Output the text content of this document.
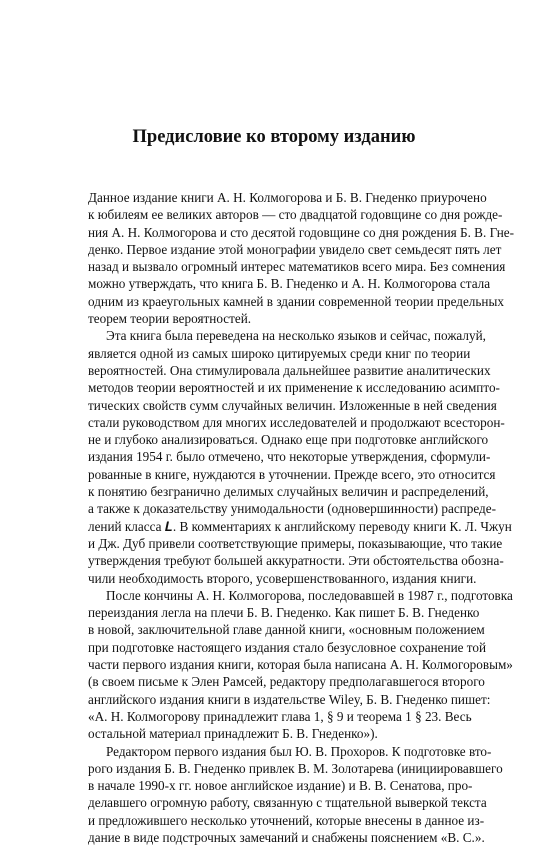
Предисловие ко второму изданию
Данное издание книги А. Н. Колмогорова и Б. В. Гнеденко приурочено
к юбилеям ее великих авторов — сто двадцатой годовщине со дня рожде-
ния А. Н. Колмогорова и сто десятой годовщине со дня рождения Б. В. Гне-
денко. Первое издание этой монографии увидело свет семьдесят пять лет
назад и вызвало огромный интерес математиков всего мира. Без сомнения
можно утверждать, что книга Б. В. Гнеденко и А. Н. Колмогорова стала
одним из краеугольных камней в здании современной теории предельных
теорем теории вероятностей.
Эта книга была переведена на несколько языков и сейчас, пожалуй,
является одной из самых широко цитируемых среди книг по теории
вероятностей. Она стимулировала дальнейшее развитие аналитических
методов теории вероятностей и их применение к исследованию асимпто-
тических свойств сумм случайных величин. Изложенные в ней сведения
стали руководством для многих исследователей и продолжают всесторон-
не и глубоко анализироваться. Однако еще при подготовке английского
издания 1954 г. было отмечено, что некоторые утверждения, сформули-
рованные в книге, нуждаются в уточнении. Прежде всего, это относится
к понятию безгранично делимых случайных величин и распределений,
а также к доказательству унимодальности (одновершинности) распреде-
лений класса 𝑳. В комментариях к английскому переводу книги К. Л. Чжун
и Дж. Дуб привели соответствующие примеры, показывающие, что такие
утверждения требуют большей аккуратности. Эти обстоятельства обозна-
чили необходимость второго, усовершенствованного, издания книги.
После кончины А. Н. Колмогорова, последовавшей в 1987 г., подготовка
переиздания легла на плечи Б. В. Гнеденко. Как пишет Б. В. Гнеденко
в новой, заключительной главе данной книги, «основным положением
при подготовке настоящего издания стало безусловное сохранение той
части первого издания книги, которая была написана А. Н. Колмогоровым»
(в своем письме к Элен Рамсей, редактору предполагавшегося второго
английского издания книги в издательстве Wiley, Б. В. Гнеденко пишет:
«А. Н. Колмогорову принадлежит глава 1, § 9 и теорема 1 § 23. Весь
остальной материал принадлежит Б. В. Гнеденко»).
Редактором первого издания был Ю. В. Прохоров. К подготовке вто-
рого издания Б. В. Гнеденко привлек В. М. Золотарева (инициировавшего
в начале 1990-х гг. новое английское издание) и В. В. Сенатова, про-
делавшего огромную работу, связанную с тщательной выверкой текста
и предложившего несколько уточнений, которые внесены в данное из-
дание в виде подстрочных замечаний и снабжены пояснением «В. С.».
